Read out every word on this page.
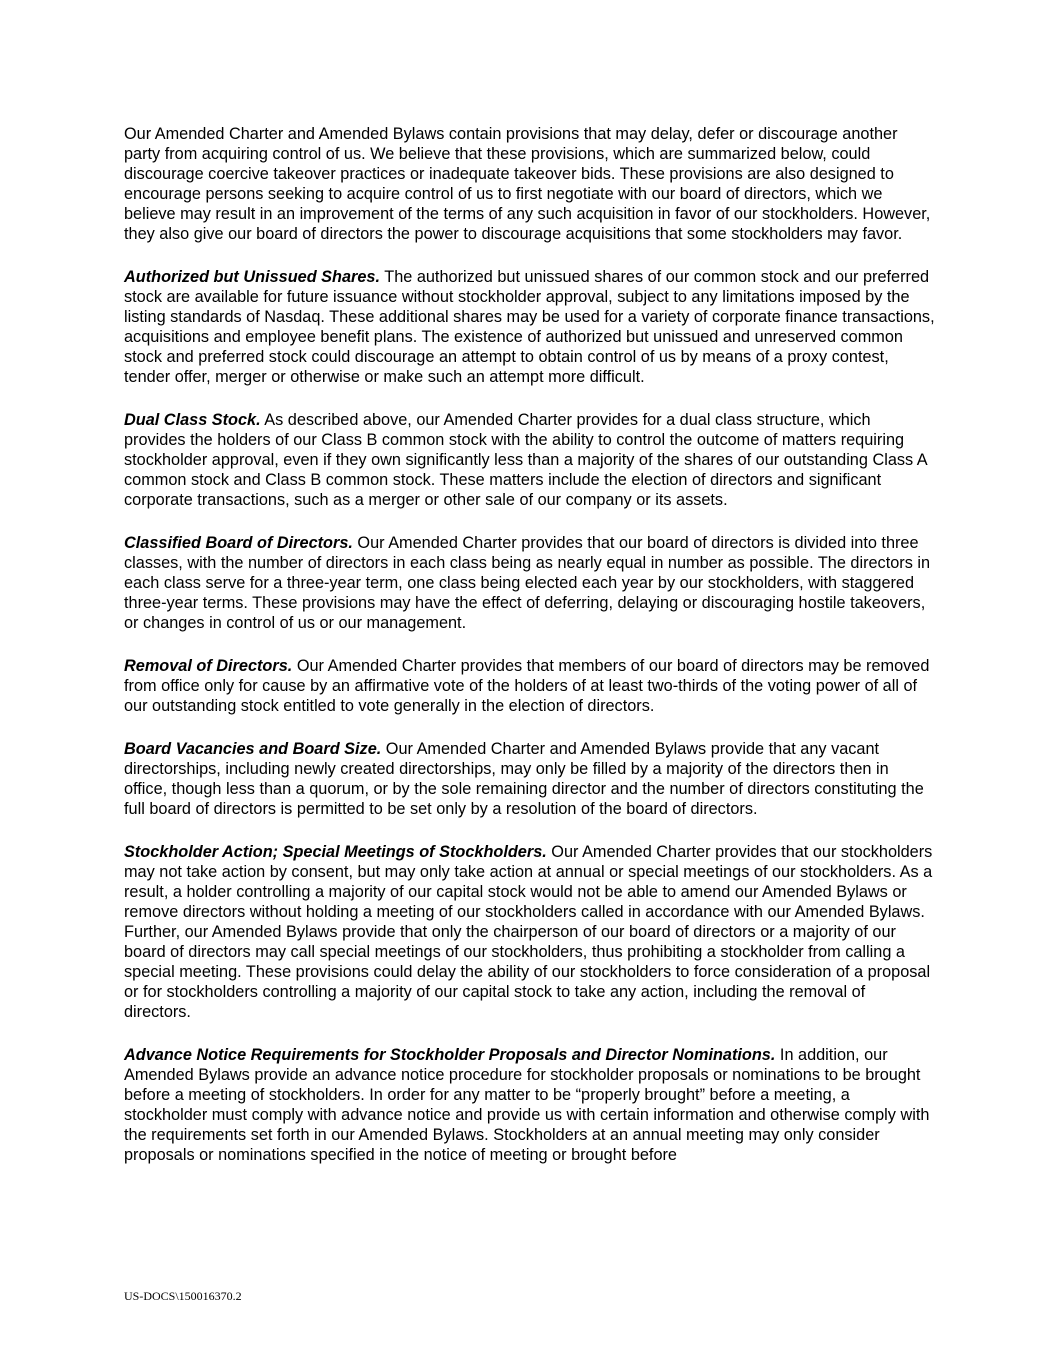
Our Amended Charter and Amended Bylaws contain provisions that may delay, defer or discourage another party from acquiring control of us. We believe that these provisions, which are summarized below, could discourage coercive takeover practices or inadequate takeover bids. These provisions are also designed to encourage persons seeking to acquire control of us to first negotiate with our board of directors, which we believe may result in an improvement of the terms of any such acquisition in favor of our stockholders. However, they also give our board of directors the power to discourage acquisitions that some stockholders may favor.

Authorized but Unissued Shares. The authorized but unissued shares of our common stock and our preferred stock are available for future issuance without stockholder approval, subject to any limitations imposed by the listing standards of Nasdaq. These additional shares may be used for a variety of corporate finance transactions, acquisitions and employee benefit plans. The existence of authorized but unissued and unreserved common stock and preferred stock could discourage an attempt to obtain control of us by means of a proxy contest, tender offer, merger or otherwise or make such an attempt more difficult.

Dual Class Stock. As described above, our Amended Charter provides for a dual class structure, which provides the holders of our Class B common stock with the ability to control the outcome of matters requiring stockholder approval, even if they own significantly less than a majority of the shares of our outstanding Class A common stock and Class B common stock. These matters include the election of directors and significant corporate transactions, such as a merger or other sale of our company or its assets.

Classified Board of Directors. Our Amended Charter provides that our board of directors is divided into three classes, with the number of directors in each class being as nearly equal in number as possible. The directors in each class serve for a three-year term, one class being elected each year by our stockholders, with staggered three-year terms. These provisions may have the effect of deferring, delaying or discouraging hostile takeovers, or changes in control of us or our management.

Removal of Directors. Our Amended Charter provides that members of our board of directors may be removed from office only for cause by an affirmative vote of the holders of at least two-thirds of the voting power of all of our outstanding stock entitled to vote generally in the election of directors.

Board Vacancies and Board Size. Our Amended Charter and Amended Bylaws provide that any vacant directorships, including newly created directorships, may only be filled by a majority of the directors then in office, though less than a quorum, or by the sole remaining director and the number of directors constituting the full board of directors is permitted to be set only by a resolution of the board of directors.

Stockholder Action; Special Meetings of Stockholders. Our Amended Charter provides that our stockholders may not take action by consent, but may only take action at annual or special meetings of our stockholders. As a result, a holder controlling a majority of our capital stock would not be able to amend our Amended Bylaws or remove directors without holding a meeting of our stockholders called in accordance with our Amended Bylaws. Further, our Amended Bylaws provide that only the chairperson of our board of directors or a majority of our board of directors may call special meetings of our stockholders, thus prohibiting a stockholder from calling a special meeting. These provisions could delay the ability of our stockholders to force consideration of a proposal or for stockholders controlling a majority of our capital stock to take any action, including the removal of directors.

Advance Notice Requirements for Stockholder Proposals and Director Nominations. In addition, our Amended Bylaws provide an advance notice procedure for stockholder proposals or nominations to be brought before a meeting of stockholders. In order for any matter to be “properly brought” before a meeting, a stockholder must comply with advance notice and provide us with certain information and otherwise comply with the requirements set forth in our Amended Bylaws. Stockholders at an annual meeting may only consider proposals or nominations specified in the notice of meeting or brought before

US-DOCS\150016370.2
